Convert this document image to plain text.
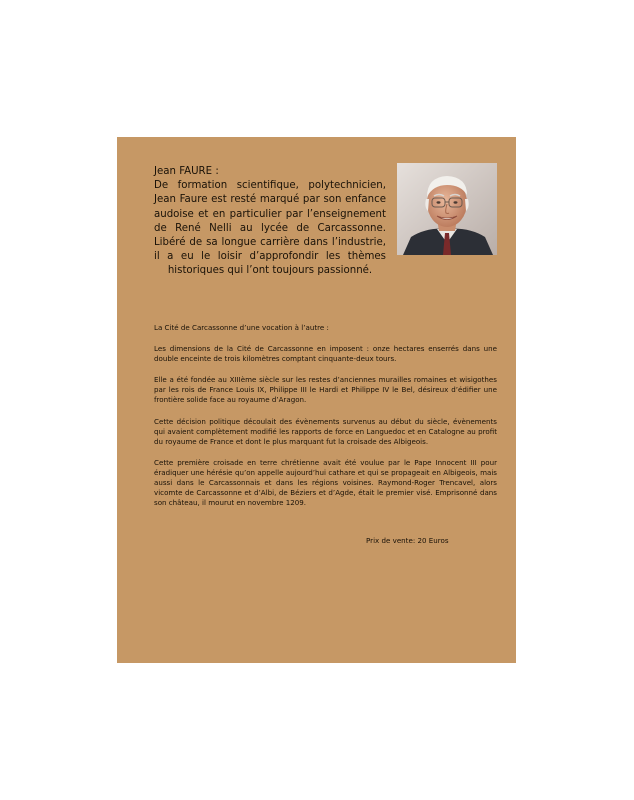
Jean FAURE :
De formation scientifique, polytechnicien, Jean Faure est resté marqué par son enfance audoise et en particulier par l’enseignement de René Nelli au lycée de Carcassonne. Libéré de sa longue carrière dans l’industrie, il a eu le loisir d’approfondir les thèmes historiques qui l’ont toujours passionné.

La Cité de Carcassonne d’une vocation à l’autre :

Les dimensions de la Cité de Carcassonne en imposent : onze hectares enserrés dans une double enceinte de trois kilomètres comptant cinquante-deux tours.

Elle a été fondée au XIIIème siècle sur les restes d’anciennes murailles romaines et wisigothes par les rois de France Louis IX, Philippe III le Hardi et Philippe IV le Bel, désireux d’édifier une frontière solide face au royaume d’Aragon.

Cette décision politique découlait des évènements survenus au début du siècle, évènements qui avaient complètement modifié les rapports de force en Languedoc et en Catalogne au profit du royaume de France et dont le plus marquant fut la croisade des Albigeois.

Cette première croisade en terre chrétienne avait été voulue par le Pape Innocent III pour éradiquer une hérésie qu’on appelle aujourd’hui cathare et qui se propageait en Albigeois, mais aussi dans le Carcassonnais et dans les régions voisines. Raymond-Roger Trencavel, alors vicomte de Carcassonne et d’Albi, de Béziers et d’Agde, était le premier visé. Emprisonné dans son château, il mourut en novembre 1209.

Prix de vente: 20 Euros
